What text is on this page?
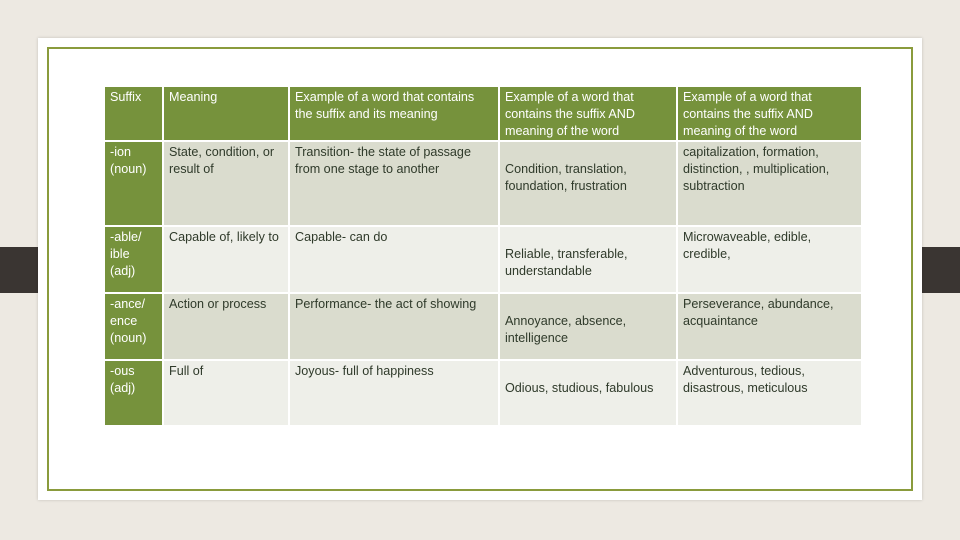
Suffix	Meaning	Example of a word that contains the suffix and its meaning	Example of a word that contains the suffix AND meaning of the word	Example of a word that contains the suffix AND meaning of the word
-ion (noun)	State, condition, or result of	Transition- the state of passage from one stage to another	Condition, translation, foundation, frustration	capitalization, formation, distinction, , multiplication, subtraction
-able/ ible (adj)	Capable of, likely to	Capable- can do	Reliable, transferable, understandable	Microwaveable, edible, credible,
-ance/ ence (noun)	Action or process	Performance- the act of showing	Annoyance, absence, intelligence	Perseverance, abundance, acquaintance
-ous (adj)	Full of	Joyous- full of happiness	Odious, studious, fabulous	Adventurous, tedious, disastrous, meticulous
